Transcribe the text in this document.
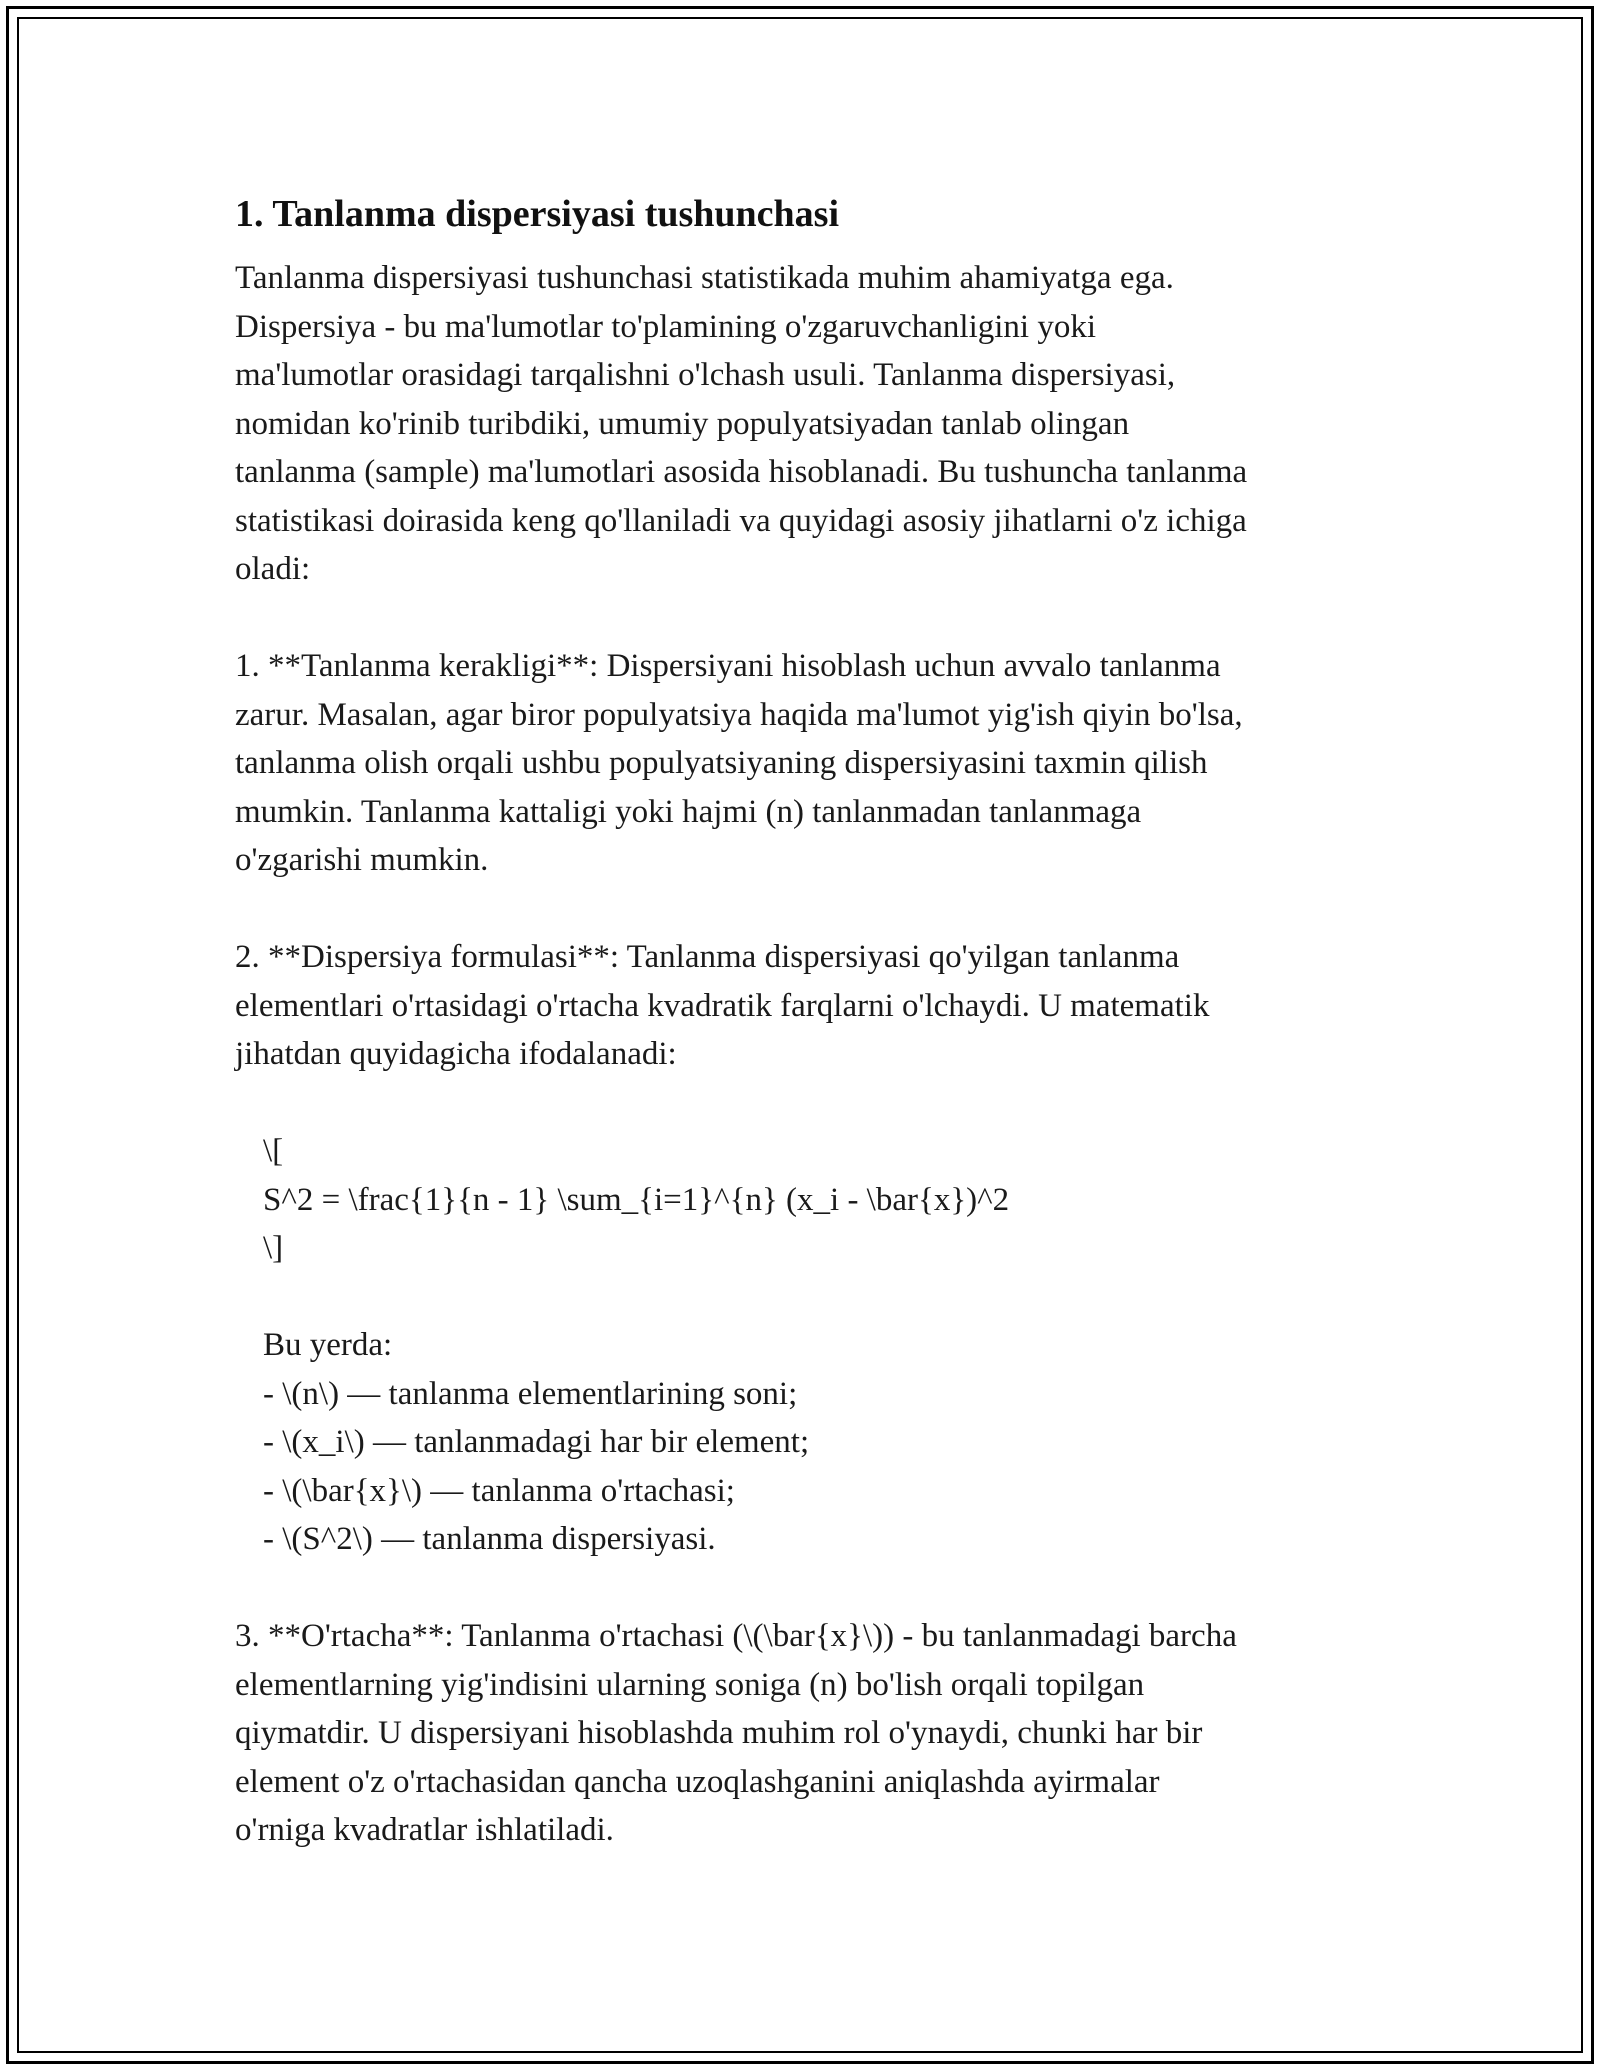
1. Tanlanma dispersiyasi tushunchasi

Tanlanma dispersiyasi tushunchasi statistikada muhim ahamiyatga ega.
Dispersiya - bu ma'lumotlar to'plamining o'zgaruvchanligini yoki
ma'lumotlar orasidagi tarqalishni o'lchash usuli. Tanlanma dispersiyasi,
nomidan ko'rinib turibdiki, umumiy populyatsiyadan tanlab olingan
tanlanma (sample) ma'lumotlari asosida hisoblanadi. Bu tushuncha tanlanma
statistikasi doirasida keng qo'llaniladi va quyidagi asosiy jihatlarni o'z ichiga
oladi:

1. **Tanlanma kerakligi**: Dispersiyani hisoblash uchun avvalo tanlanma
zarur. Masalan, agar biror populyatsiya haqida ma'lumot yig'ish qiyin bo'lsa,
tanlanma olish orqali ushbu populyatsiyaning dispersiyasini taxmin qilish
mumkin. Tanlanma kattaligi yoki hajmi (n) tanlanmadan tanlanmaga
o'zgarishi mumkin.

2. **Dispersiya formulasi**: Tanlanma dispersiyasi qo'yilgan tanlanma
elementlari o'rtasidagi o'rtacha kvadratik farqlarni o'lchaydi. U matematik
jihatdan quyidagicha ifodalanadi:

\[
S^2 = \frac{1}{n - 1} \sum_{i=1}^{n} (x_i - \bar{x})^2
\]

Bu yerda:
- \(n\) — tanlanma elementlarining soni;
- \(x_i\) — tanlanmadagi har bir element;
- \(\bar{x}\) — tanlanma o'rtachasi;
- \(S^2\) — tanlanma dispersiyasi.

3. **O'rtacha**: Tanlanma o'rtachasi (\(\bar{x}\)) - bu tanlanmadagi barcha
elementlarning yig'indisini ularning soniga (n) bo'lish orqali topilgan
qiymatdir. U dispersiyani hisoblashda muhim rol o'ynaydi, chunki har bir
element o'z o'rtachasidan qancha uzoqlashganini aniqlashda ayirmalar
o'rniga kvadratlar ishlatiladi.
